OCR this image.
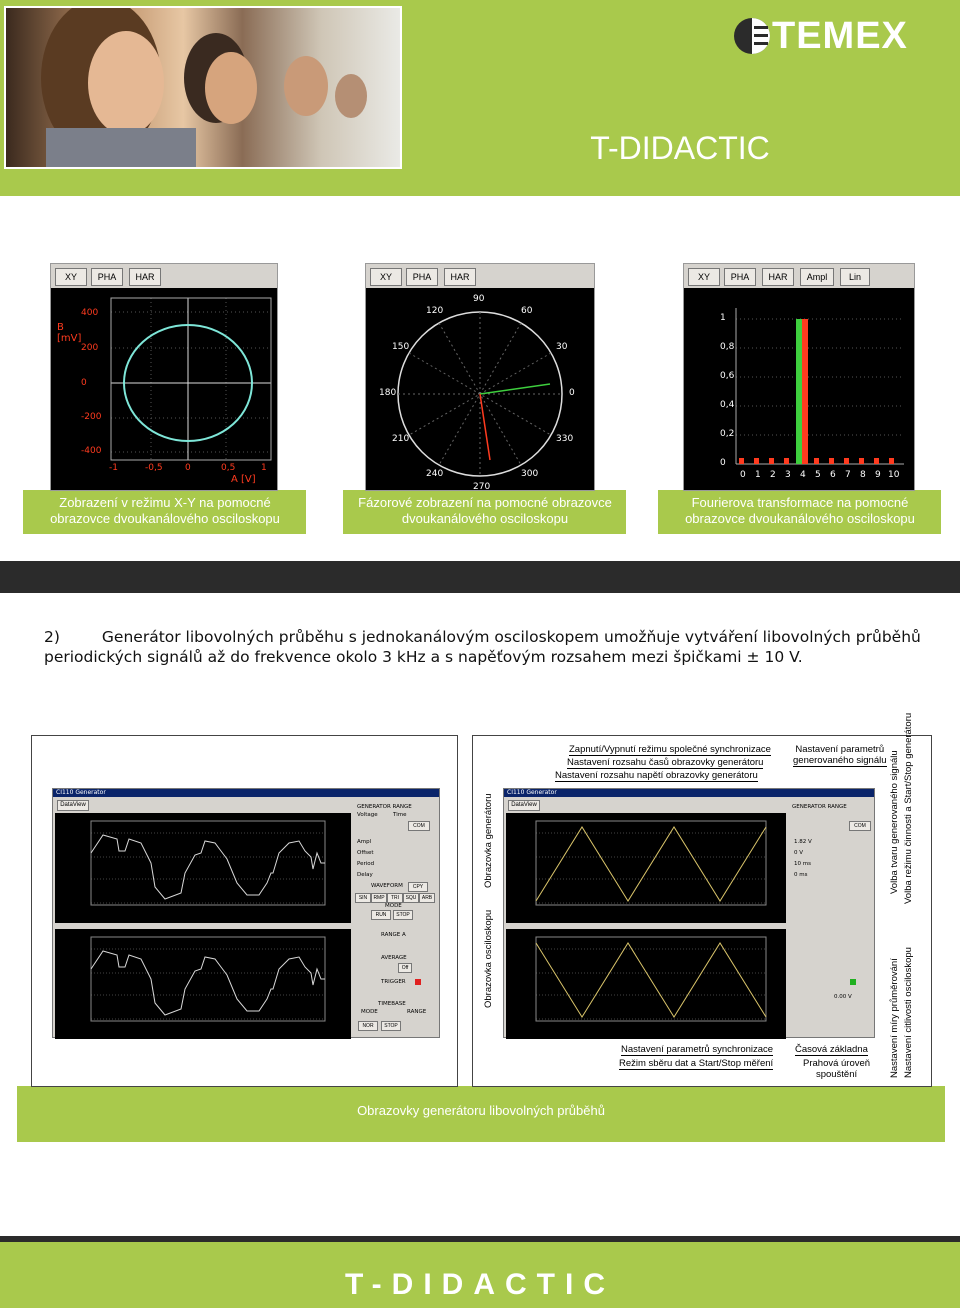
TEMEX
T-DIDACTIC
XY	PHA	HAR
B
[mV]
400
200
0
-200
-400
-1	-0,5 0	0,5	1
A [V]
Zobrazení v režimu X-Y na pomocné obrazovce dvoukanálového osciloskopu
XY	PHA	HAR
90
60
30
0
330
300
270
240
210
180
150
120
Fázorové zobrazení na pomocné obrazovce dvoukanálového osciloskopu
XY	PHA	HAR	Ampl	Lin
1
0,8
0,6
0,4
0,2
0
0 1 2 3 4 5 6 7 8 9 10
Fourierova transformace na pomocné obrazovce dvoukanálového osciloskopu
2)	Generátor libovolných průběhu s jednokanálovým osciloskopem umožňuje vytváření libovolných průběhů periodických signálů až do frekvence okolo 3 kHz a s napěťovým rozsahem mezi špičkami ± 10 V.
Obrazovky generátoru libovolných průběhů
CI110 Generator
DataView	GENERATOR RANGE
Voltage	Time
COM
Ampl
Offset
Period
Delay
WAVEFORM	CPY
SIN	RMP	TRI	SQU	ARB
MODE
RUN	STOP
RANGE A
AVERAGE
Off
TRIGGER
TIMEBASE
MODE	RANGE
NOR	STOP
CI110 Generator
DataView	GENERATOR RANGE
COM
1.82 V
0 V
10 ms
0 ms
0.00 V
Zapnutí/Vypnutí režimu společné synchronizace
Nastavení rozsahu časů obrazovky generátoru
Nastavení rozsahu napětí obrazovky generátoru
Nastavení parametrů
generovaného signálu Volba tvaru generovaného signálu Volba režimu činnosti a Start/Stop generátoru
Obrazovka generátoru
Obrazovka osciloskopu	Nastavení citlivosti osciloskopu
Nastavení míry průměrování
Nastavení parametrů synchronizace
Režim sběru dat a Start/Stop měření
Časová základna
Prahová úroveň
spouštění
T-DIDACTIC
